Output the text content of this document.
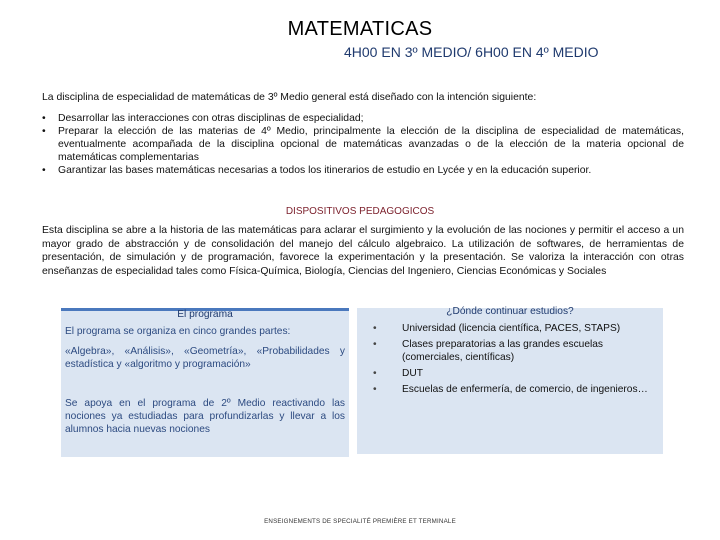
MATEMATICAS
4H00 EN 3º MEDIO/ 6H00 EN 4º MEDIO
La disciplina de especialidad de matemáticas de 3º Medio general está diseñado con la intención siguiente:
• Desarrollar las interacciones con otras disciplinas de especialidad;
• Preparar la elección de las materias de 4º Medio, principalmente la elección de la disciplina de especialidad de matemáticas, eventualmente acompañada de la disciplina opcional de matemáticas avanzadas o de la elección de la materia opcional de matemáticas complementarias
• Garantizar las bases matemáticas necesarias a todos los itinerarios de estudio en Lycée y en la educación superior.
DISPOSITIVOS PEDAGOGICOS
Esta disciplina se abre a la historia de las matemáticas para aclarar el surgimiento y la evolución de las nociones y permitir el acceso a un mayor grado de abstracción y de consolidación del manejo del cálculo algebraico. La utilización de softwares, de herramientas de presentación, de simulación y de programación, favorece la experimentación y la presentación. Se valoriza la interacción con otras enseñanzas de especialidad tales como Física-Química, Biología, Ciencias del Ingeniero, Ciencias Económicas y Sociales
El programa
El programa se organiza en cinco grandes partes:
«Algebra», «Análisis», «Geometría», «Probabilidades y estadística y «algoritmo y programación»
Se apoya en el programa de 2º Medio reactivando las nociones ya estudiadas para profundizarlas y llevar a los alumnos hacia nuevas nociones
¿Dónde continuar estudios?
• Universidad (licencia científica, PACES, STAPS)
• Clases preparatorias a las grandes escuelas (comerciales, científicas)
• DUT
• Escuelas de enfermería, de comercio, de ingenieros…
ENSEIGNEMENTS DE SPECIALITÉ PREMIÈRE ET TERMINALE
